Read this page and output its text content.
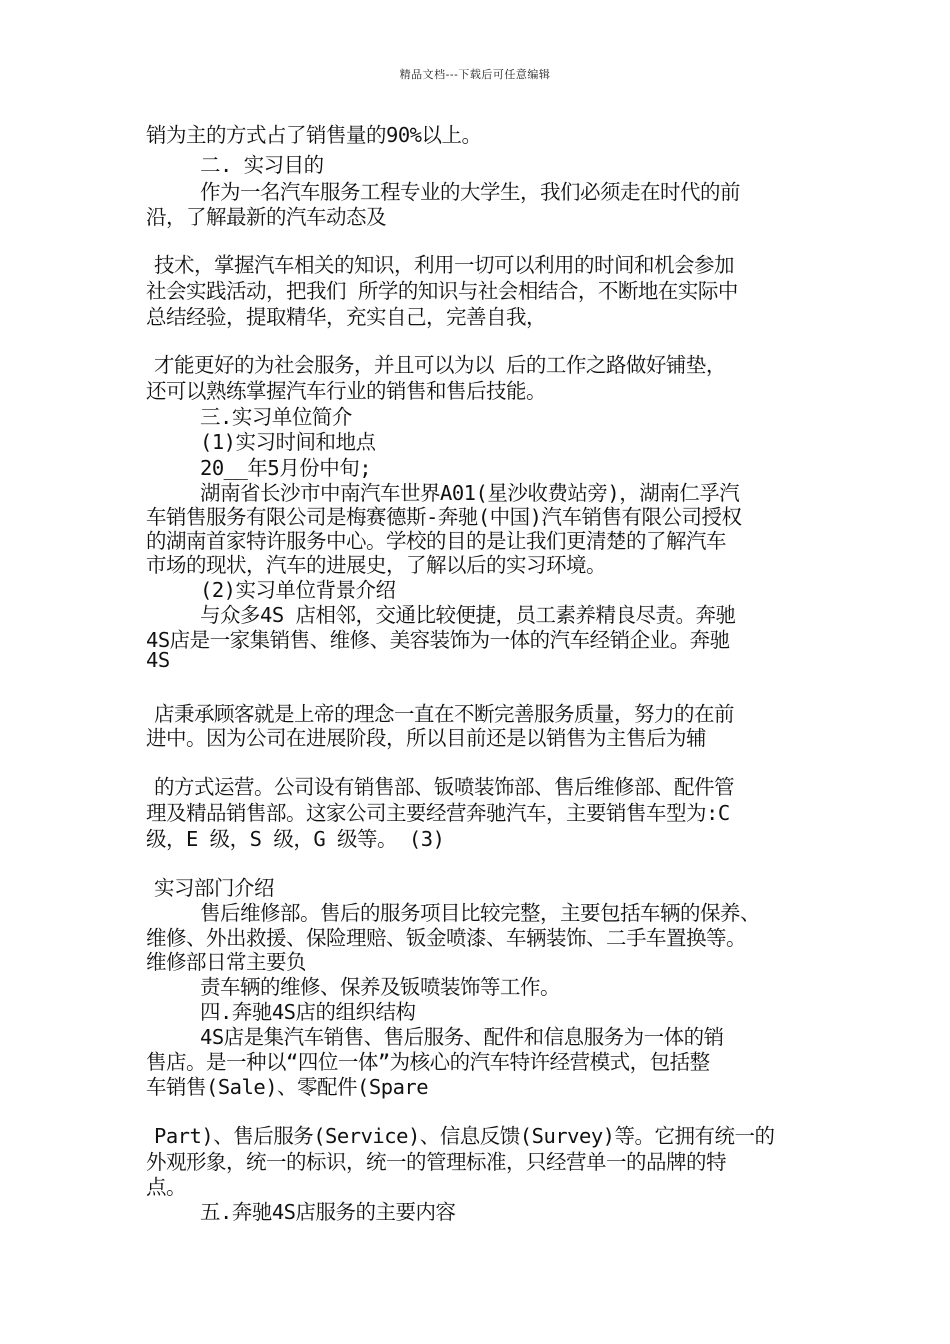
精品文档---下载后可任意编辑
销为主的方式占了销售量的90%以上。
二. 实习目的
作为一名汽车服务工程专业的大学生，我们必须走在时代的前
沿，了解最新的汽车动态及
技术，掌握汽车相关的知识，利用一切可以利用的时间和机会参加
社会实践活动，把我们 所学的知识与社会相结合，不断地在实际中
总结经验，提取精华，充实自己，完善自我，
才能更好的为社会服务，并且可以为以 后的工作之路做好铺垫，
还可以熟练掌握汽车行业的销售和售后技能。
三.实习单位简介
(1)实习时间和地点
20__年5月份中旬;
湖南省长沙市中南汽车世界A01(星沙收费站旁)，湖南仁孚汽
车销售服务有限公司是梅赛德斯-奔驰(中国)汽车销售有限公司授权
的湖南首家特许服务中心。学校的目的是让我们更清楚的了解汽车
市场的现状，汽车的进展史，了解以后的实习环境。
(2)实习单位背景介绍
与众多4S 店相邻，交通比较便捷，员工素养精良尽责。奔驰
4S店是一家集销售、维修、美容装饰为一体的汽车经销企业。奔驰
4S
店秉承顾客就是上帝的理念一直在不断完善服务质量，努力的在前
进中。因为公司在进展阶段，所以目前还是以销售为主售后为辅
的方式运营。公司设有销售部、钣喷装饰部、售后维修部、配件管
理及精品销售部。这家公司主要经营奔驰汽车，主要销售车型为:C
级，E 级，S 级，G 级等。 (3)
实习部门介绍
售后维修部。售后的服务项目比较完整，主要包括车辆的保养、
维修、外出救援、保险理赔、钣金喷漆、车辆装饰、二手车置换等。
维修部日常主要负
责车辆的维修、保养及钣喷装饰等工作。
四.奔驰4S店的组织结构
4S店是集汽车销售、售后服务、配件和信息服务为一体的销
售店。是一种以“四位一体”为核心的汽车特许经营模式，包括整
车销售(Sale)、零配件(Spare
Part)、售后服务(Service)、信息反馈(Survey)等。它拥有统一的
外观形象，统一的标识，统一的管理标准，只经营单一的品牌的特
点。
五.奔驰4S店服务的主要内容
